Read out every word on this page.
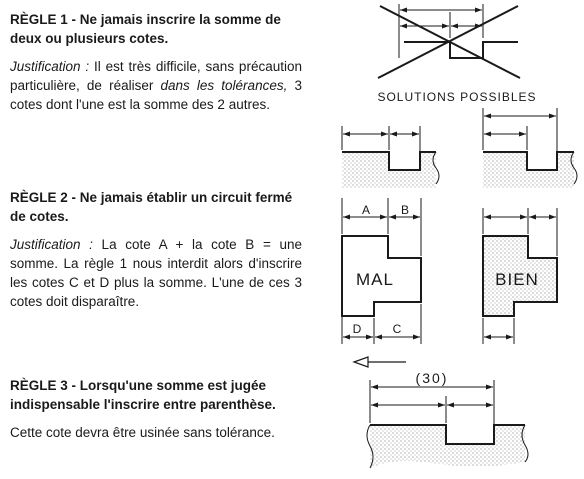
RÈGLE 1 - Ne jamais inscrire la somme de deux ou plusieurs cotes.

Justification : Il est très difficile, sans précaution particulière, de réaliser dans les tolérances, 3 cotes dont l'une est la somme des 2 autres.

RÈGLE 2 - Ne jamais établir un circuit fermé de cotes.

Justification : La cote A + la cote B = une somme. La règle 1 nous interdit alors d'inscrire les cotes C et D plus la somme. L'une de ces 3 cotes doit disparaître.

RÈGLE 3 - Lorsqu'une somme est jugée indispensable l'inscrire entre parenthèse.

Cette cote devra être usinée sans tolérance.

SOLUTIONS POSSIBLES
A	B
D	C
MAL	BIEN
(30)
